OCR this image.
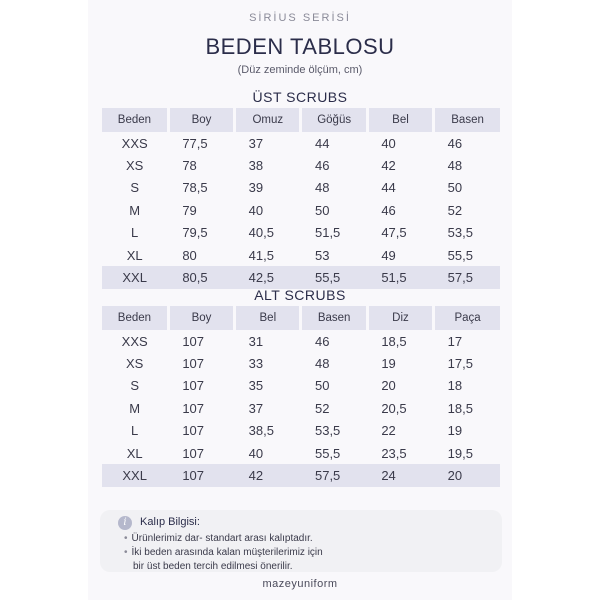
SİRİUS SERİSİ
BEDEN TABLOSU
(Düz zeminde ölçüm, cm)
ÜST SCRUBS
Beden	Boy	Omuz	Göğüs	Bel	Basen
XXS	77,5	37	44	40	46
XS	78	38	46	42	48
S	78,5	39	48	44	50
M	79	40	50	46	52
L	79,5	40,5	51,5	47,5	53,5
XL	80	41,5	53	49	55,5
XXL	80,5	42,5	55,5	51,5	57,5
ALT SCRUBS
Beden	Boy	Bel	Basen	Diz	Paça
XXS	107	31	46	18,5	17
XS	107	33	48	19	17,5
S	107	35	50	20	18
M	107	37	52	20,5	18,5
L	107	38,5	53,5	22	19
XL	107	40	55,5	23,5	19,5
XXL	107	42	57,5	24	20
i	Kalıp Bilgisi:
• Ürünlerimiz dar- standart arası kalıptadır.
• İki beden arasında kalan müşterilerimiz için
bir üst beden tercih edilmesi önerilir.
mazeyuniform
